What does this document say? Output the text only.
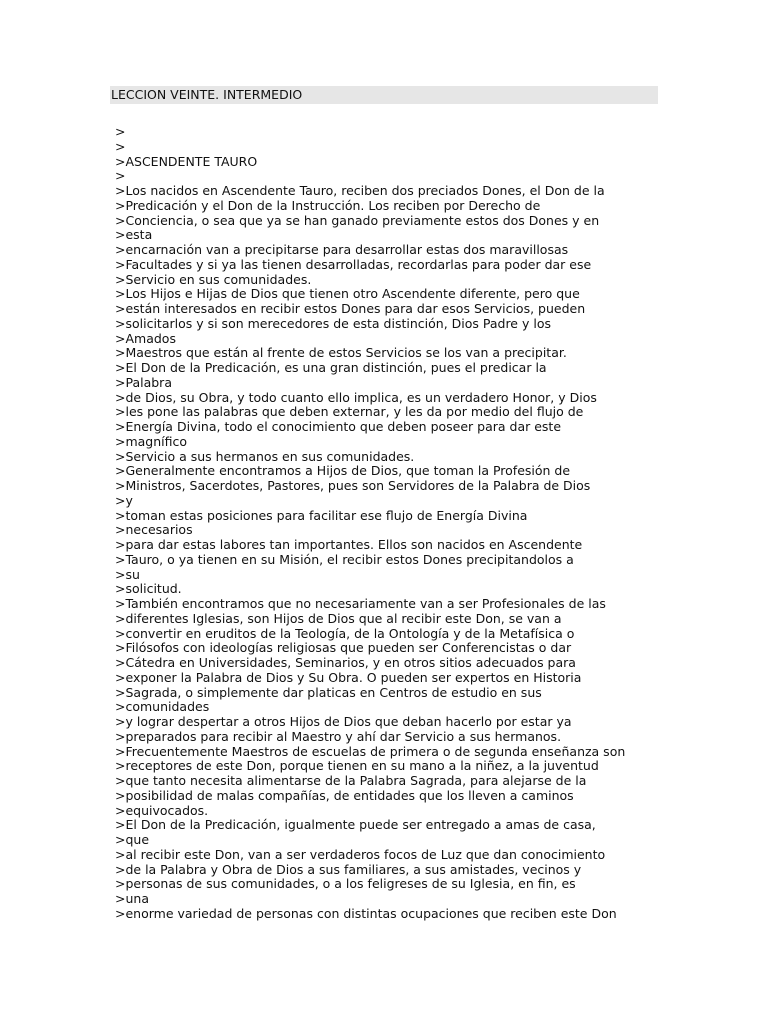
LECCION VEINTE. INTERMEDIO
>
>
>ASCENDENTE TAURO
>
>Los nacidos en Ascendente Tauro, reciben dos preciados Dones, el Don de la
>Predicación y el Don de la Instrucción. Los reciben por Derecho de
>Conciencia, o sea que ya se han ganado previamente estos dos Dones y en
>esta
>encarnación van a precipitarse para desarrollar estas dos maravillosas
>Facultades y si ya las tienen desarrolladas, recordarlas para poder dar ese
>Servicio en sus comunidades.
>Los Hijos e Hijas de Dios que tienen otro Ascendente diferente, pero que
>están interesados en recibir estos Dones para dar esos Servicios, pueden
>solicitarlos y si son merecedores de esta distinción, Dios Padre y los
>Amados
>Maestros que están al frente de estos Servicios se los van a precipitar.
>El Don de la Predicación, es una gran distinción, pues el predicar la
>Palabra
>de Dios, su Obra, y todo cuanto ello implica, es un verdadero Honor, y Dios
>les pone las palabras que deben externar, y les da por medio del flujo de
>Energía Divina, todo el conocimiento que deben poseer para dar este
>magnífico
>Servicio a sus hermanos en sus comunidades.
>Generalmente encontramos a Hijos de Dios, que toman la Profesión de
>Ministros, Sacerdotes, Pastores, pues son Servidores de la Palabra de Dios
>y
>toman estas posiciones para facilitar ese flujo de Energía Divina
>necesarios
>para dar estas labores tan importantes. Ellos son nacidos en Ascendente
>Tauro, o ya tienen en su Misión, el recibir estos Dones precipitandolos a
>su
>solicitud.
>También encontramos que no necesariamente van a ser Profesionales de las
>diferentes Iglesias, son Hijos de Dios que al recibir este Don, se van a
>convertir en eruditos de la Teología, de la Ontología y de la Metafísica o
>Filósofos con ideologías religiosas que pueden ser Conferencistas o dar
>Cátedra en Universidades, Seminarios, y en otros sitios adecuados para
>exponer la Palabra de Dios y Su Obra. O pueden ser expertos en Historia
>Sagrada, o simplemente dar platicas en Centros de estudio en sus
>comunidades
>y lograr despertar a otros Hijos de Dios que deban hacerlo por estar ya
>preparados para recibir al Maestro y ahí dar Servicio a sus hermanos.
>Frecuentemente Maestros de escuelas de primera o de segunda enseñanza son
>receptores de este Don, porque tienen en su mano a la niñez, a la juventud
>que tanto necesita alimentarse de la Palabra Sagrada, para alejarse de la
>posibilidad de malas compañías, de entidades que los lleven a caminos
>equivocados.
>El Don de la Predicación, igualmente puede ser entregado a amas de casa,
>que
>al recibir este Don, van a ser verdaderos focos de Luz que dan conocimiento
>de la Palabra y Obra de Dios a sus familiares, a sus amistades, vecinos y
>personas de sus comunidades, o a los feligreses de su Iglesia, en fin, es
>una
>enorme variedad de personas con distintas ocupaciones que reciben este Don
